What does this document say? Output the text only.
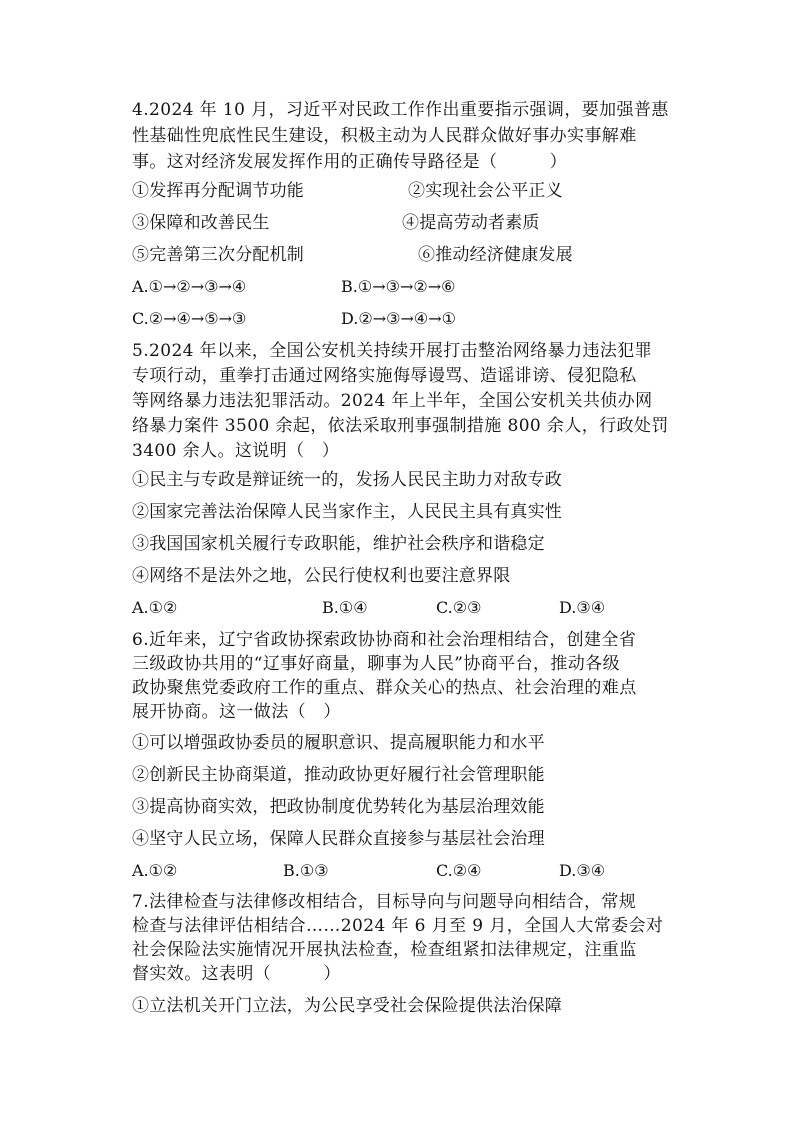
4.2024 年 10 月，习近平对民政工作作出重要指示强调，要加强普惠
性基础性兜底性民生建设，积极主动为人民群众做好事办实事解难
事。这对经济发展发挥作用的正确传导路径是（　　　）
①发挥再分配调节功能	②实现社会公平正义
③保障和改善民生	④提高劳动者素质
⑤完善第三次分配机制	⑥推动经济健康发展
A.①→②→③→④	B.①→③→②→⑥
C.②→④→⑤→③	D.②→③→④→①
5.2024 年以来，全国公安机关持续开展打击整治网络暴力违法犯罪
专项行动，重拳打击通过网络实施侮辱谩骂、造谣诽谤、侵犯隐私
等网络暴力违法犯罪活动。2024 年上半年，全国公安机关共侦办网
络暴力案件 3500 余起，依法采取刑事强制措施 800 余人，行政处罚
3400 余人。这说明（　）
①民主与专政是辩证统一的，发扬人民民主助力对敌专政
②国家完善法治保障人民当家作主，人民民主具有真实性
③我国国家机关履行专政职能，维护社会秩序和谐稳定
④网络不是法外之地，公民行使权利也要注意界限
A.①②	B.①④	C.②③	D.③④
6.近年来，辽宁省政协探索政协协商和社会治理相结合，创建全省
三级政协共用的“辽事好商量，聊事为人民”协商平台，推动各级
政协聚焦党委政府工作的重点、群众关心的热点、社会治理的难点
展开协商。这一做法（　）
①可以增强政协委员的履职意识、提高履职能力和水平
②创新民主协商渠道，推动政协更好履行社会管理职能
③提高协商实效，把政协制度优势转化为基层治理效能
④坚守人民立场，保障人民群众直接参与基层社会治理
A.①②	B.①③	C.②④	D.③④
7.法律检查与法律修改相结合，目标导向与问题导向相结合，常规
检查与法律评估相结合……2024 年 6 月至 9 月，全国人大常委会对
社会保险法实施情况开展执法检查，检查组紧扣法律规定，注重监
督实效。这表明（　　　）
①立法机关开门立法，为公民享受社会保险提供法治保障
